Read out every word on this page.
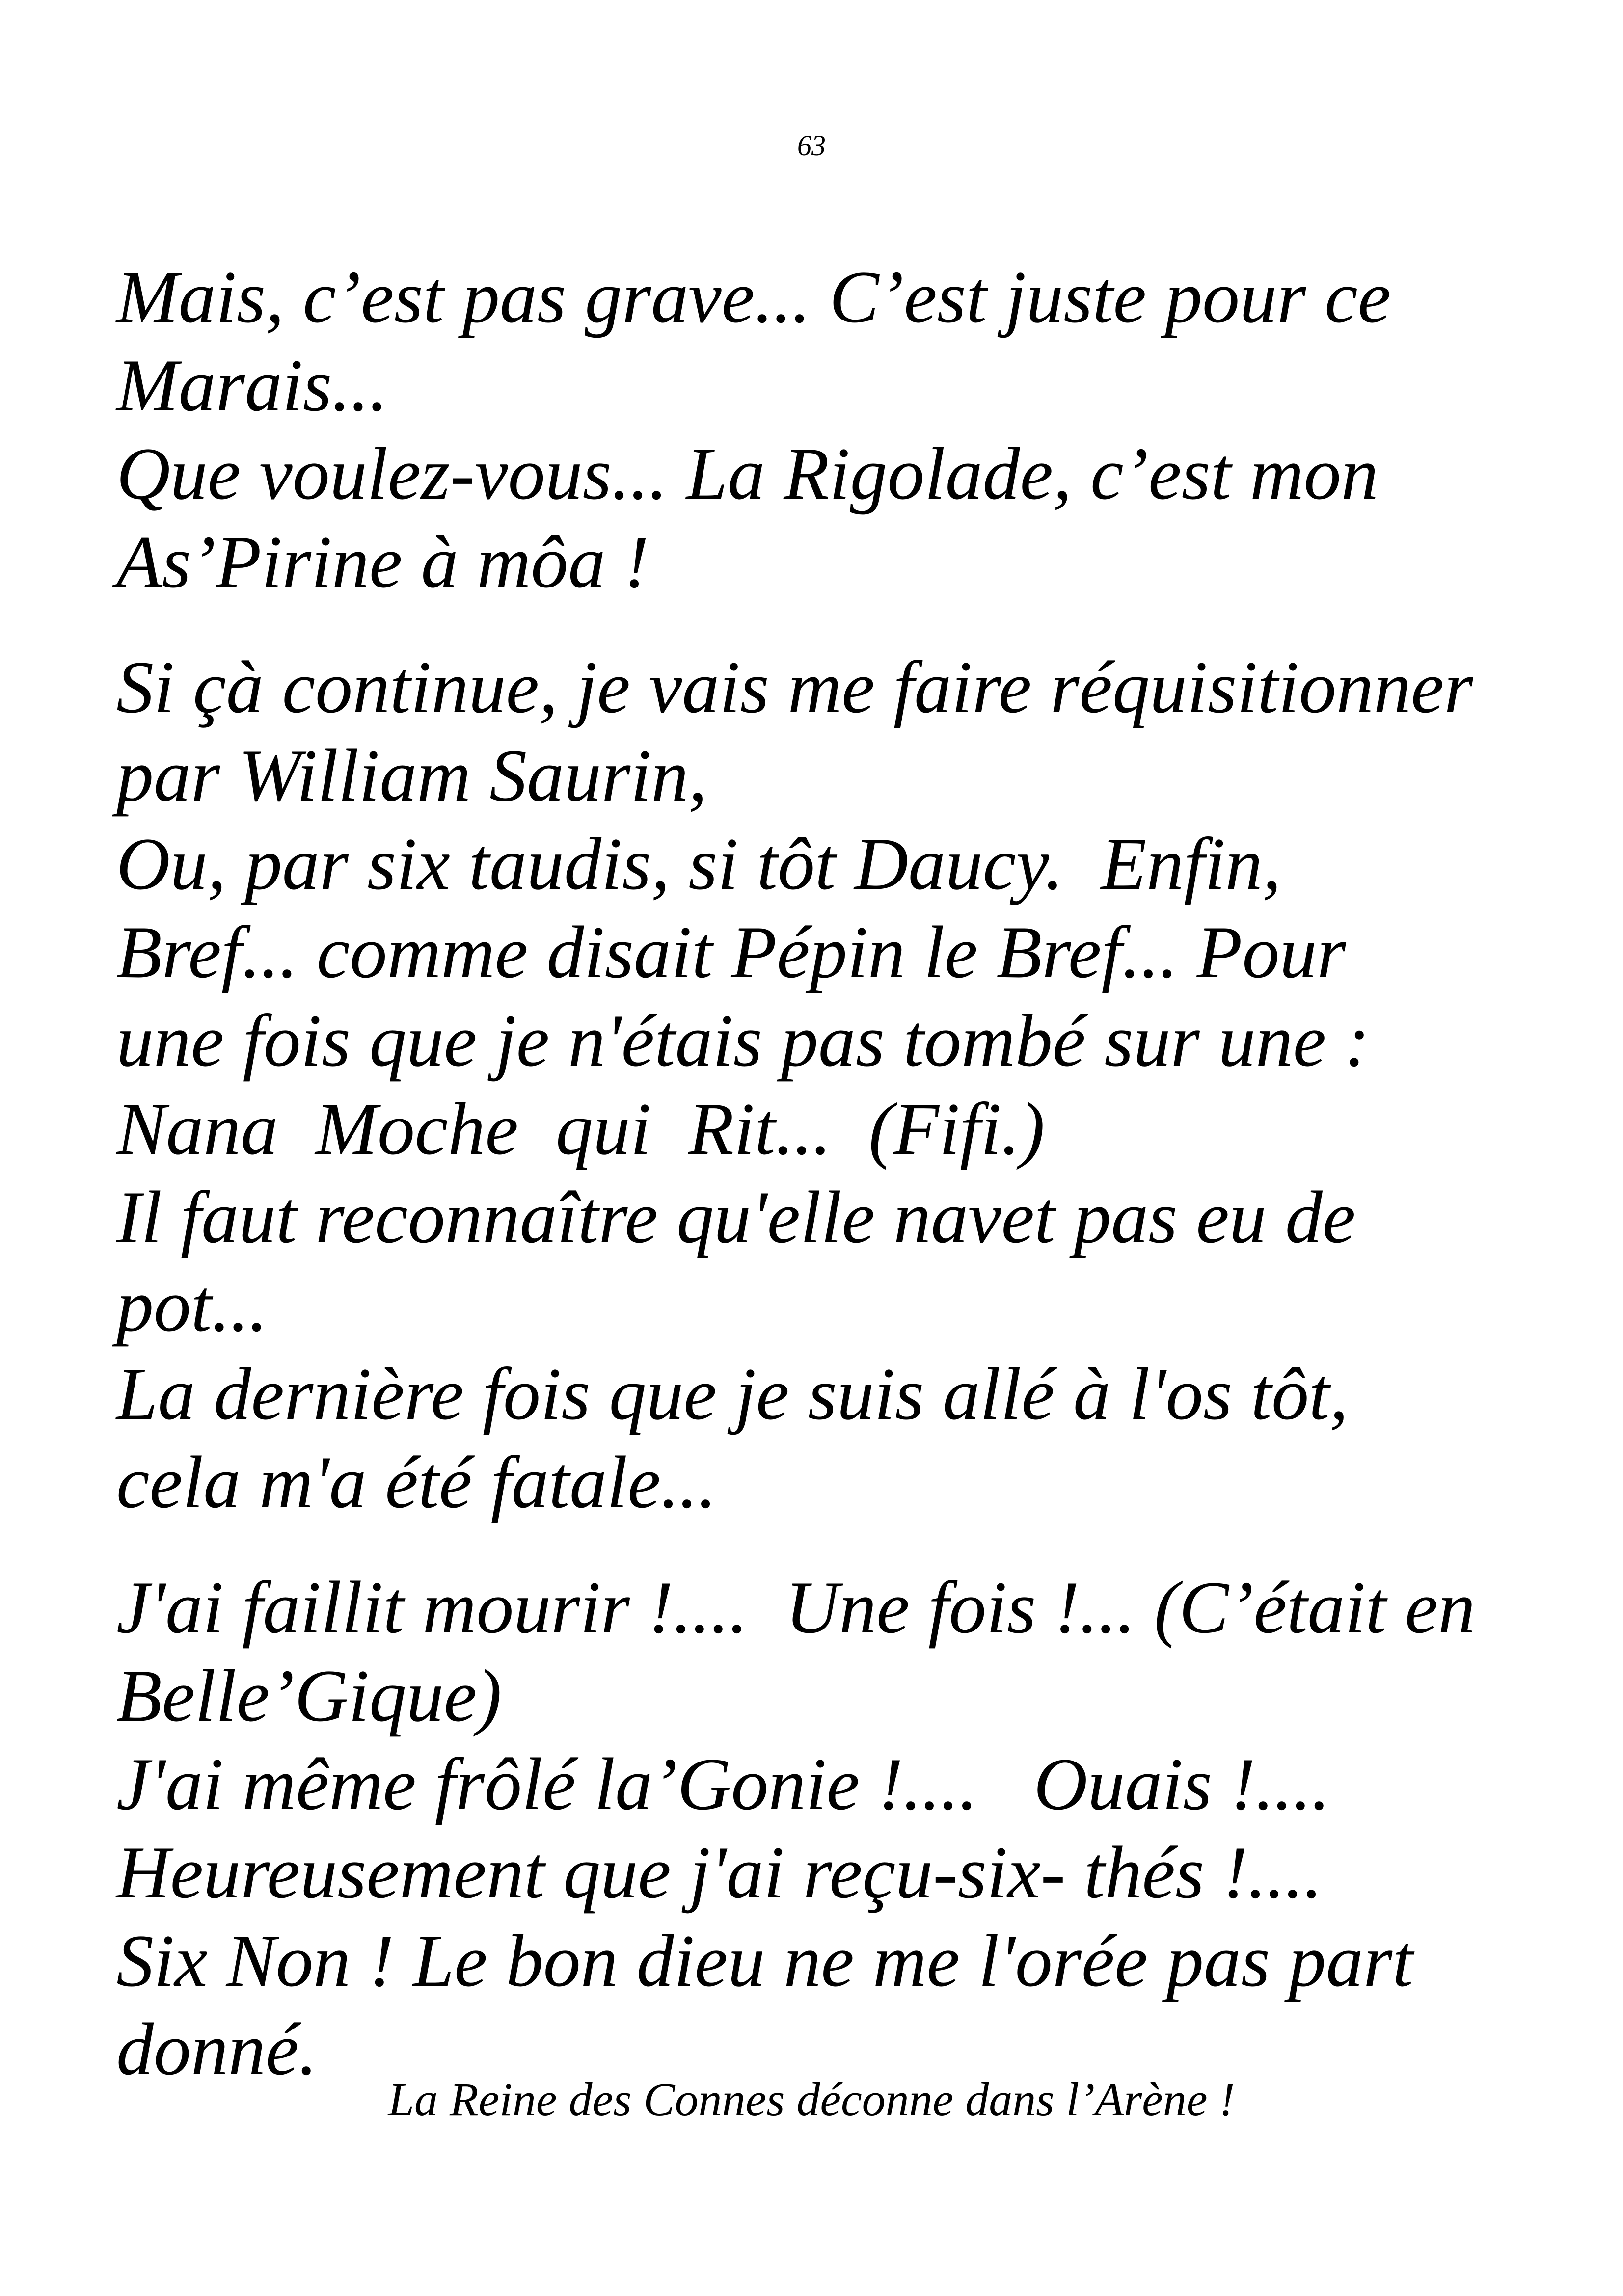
63
Mais, c’est pas grave... C’est juste pour ce
Marais...
Que voulez-vous... La Rigolade, c’est mon
As’Pirine à môa !
Si çà continue, je vais me faire réquisitionner
par William Saurin,
Ou, par six taudis, si tôt Daucy.  Enfin,
Bref... comme disait Pépin le Bref... Pour
une fois que je n'étais pas tombé sur une :
Nana  Moche  qui  Rit...  (Fifi.)
Il faut reconnaître qu'elle navet pas eu de
pot...
La dernière fois que je suis allé à l'os tôt,
cela m'a été fatale...
J'ai faillit mourir !....  Une fois !... (C’était en
Belle’Gique)
J'ai même frôlé la’Gonie !....   Ouais !....
Heureusement que j'ai reçu-six- thés !....
Six Non ! Le bon dieu ne me l'orée pas part
donné.
La Reine des Connes déconne dans l’Arène !
